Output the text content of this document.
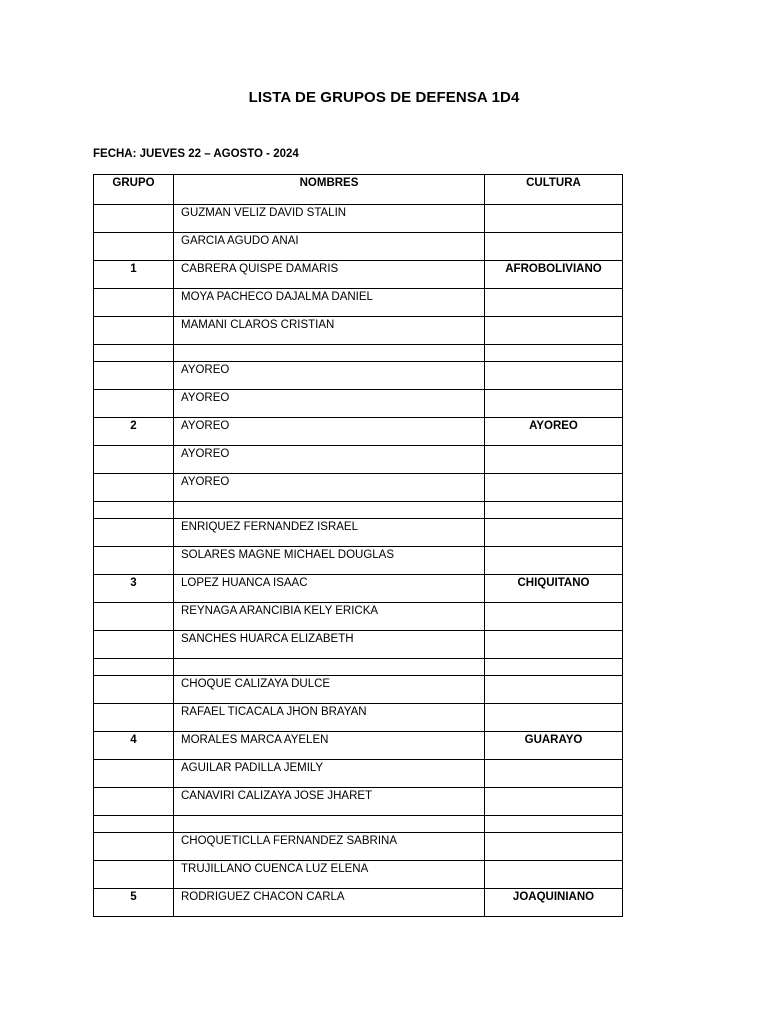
LISTA DE GRUPOS DE DEFENSA 1D4
FECHA: JUEVES 22 – AGOSTO - 2024
GRUPO	NOMBRES	CULTURA

	GUZMAN VELIZ DAVID STALIN	

	GARCIA AGUDO ANAI	

1	CABRERA QUISPE DAMARIS	AFROBOLIVIANO

	MOYA PACHECO DAJALMA DANIEL	

	MAMANI CLAROS CRISTIAN	

	AYOREO	

	AYOREO	

2	AYOREO	AYOREO

	AYOREO	

	AYOREO	

	ENRIQUEZ FERNANDEZ ISRAEL	

	SOLARES MAGNE MICHAEL DOUGLAS	

3	LOPEZ HUANCA ISAAC	CHIQUITANO

	REYNAGA ARANCIBIA KELY ERICKA	

	SANCHES HUARCA ELIZABETH	

	CHOQUE CALIZAYA DULCE	

	RAFAEL TICACALA JHON BRAYAN	

4	MORALES MARCA AYELEN	GUARAYO

	AGUILAR PADILLA JEMILY	

	CANAVIRI CALIZAYA JOSE JHARET	

	CHOQUETICLLA FERNANDEZ SABRINA	

	TRUJILLANO CUENCA LUZ ELENA	

5	RODRIGUEZ CHACON CARLA	JOAQUINIANO
